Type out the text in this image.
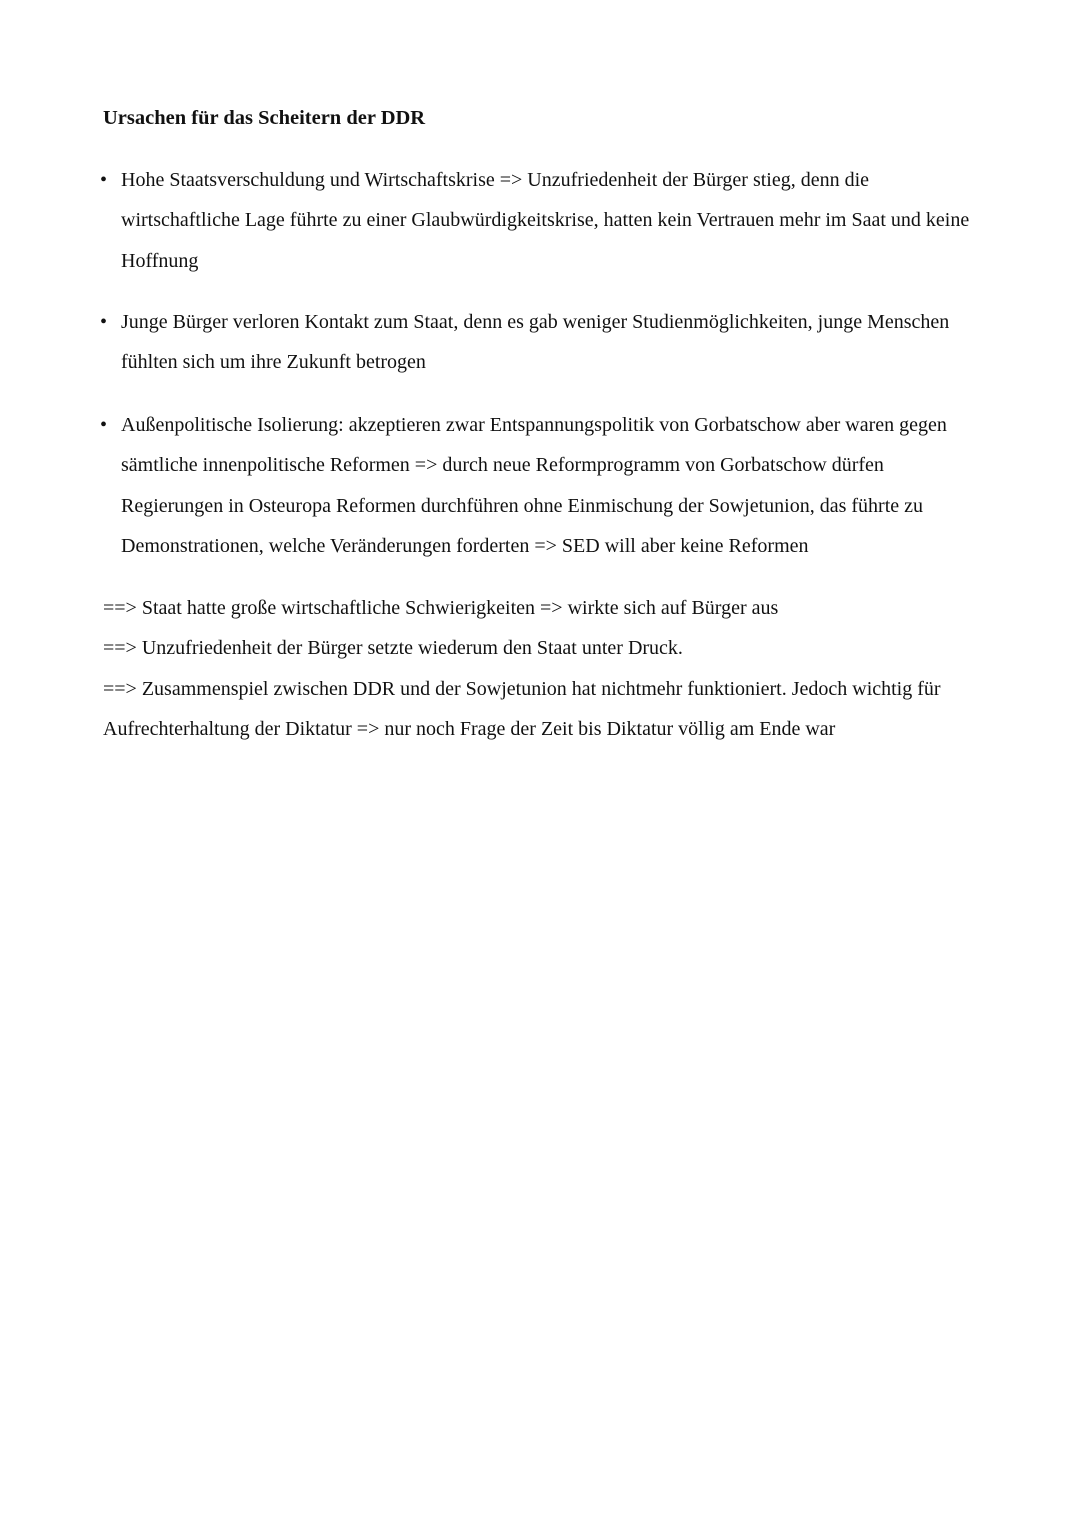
Ursachen für das Scheitern der DDR
• Hohe Staatsverschuldung und Wirtschaftskrise => Unzufriedenheit der Bürger stieg, denn die wirtschaftliche Lage führte zu einer Glaubwürdigkeitskrise, hatten kein Vertrauen mehr im Saat und keine Hoffnung

• Junge Bürger verloren Kontakt zum Staat, denn es gab weniger Studienmöglichkeiten, junge Menschen fühlten sich um ihre Zukunft betrogen

• Außenpolitische Isolierung: akzeptieren zwar Entspannungspolitik von Gorbatschow aber waren gegen sämtliche innenpolitische Reformen => durch neue Reformprogramm von Gorbatschow dürfen Regierungen in Osteuropa Reformen durchführen ohne Einmischung der Sowjetunion, das führte zu Demonstrationen, welche Veränderungen forderten => SED will aber keine Reformen

==> Staat hatte große wirtschaftliche Schwierigkeiten => wirkte sich auf Bürger aus

==> Unzufriedenheit der Bürger setzte wiederum den Staat unter Druck.

==> Zusammenspiel zwischen DDR und der Sowjetunion hat nichtmehr funktioniert. Jedoch wichtig für Aufrechterhaltung der Diktatur => nur noch Frage der Zeit bis Diktatur völlig am Ende war
